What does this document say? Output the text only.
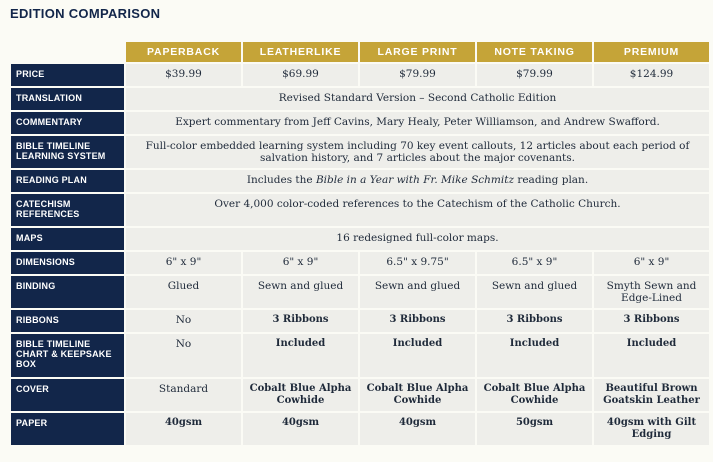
EDITION COMPARISON
	PAPERBACK	LEATHERLIKE	LARGE PRINT	NOTE TAKING	PREMIUM
PRICE	$39.99	$69.99	$79.99	$79.99	$124.99
TRANSLATION	Revised Standard Version – Second Catholic Edition				
COMMENTARY	Expert commentary from Jeff Cavins, Mary Healy, Peter Williamson, and Andrew Swafford.				
BIBLE TIMELINE LEARNING SYSTEM	Full-color embedded learning system including 70 key event callouts, 12 articles about each period of salvation history, and 7 articles about the major covenants.				
READING PLAN	Includes the Bible in a Year with Fr. Mike Schmitz reading plan.				
CATECHISM REFERENCES	Over 4,000 color-coded references to the Catechism of the Catholic Church.				
MAPS	16 redesigned full-color maps.				
DIMENSIONS	6" x 9"	6" x 9"	6.5" x 9.75"	6.5" x 9"	6" x 9"
BINDING	Glued	Sewn and glued	Sewn and glued	Sewn and glued	Smyth Sewn and Edge-Lined
RIBBONS	No	3 Ribbons	3 Ribbons	3 Ribbons	3 Ribbons
BIBLE TIMELINE CHART & KEEPSAKE BOX	No	Included	Included	Included	Included
COVER	Standard	Cobalt Blue Alpha Cowhide	Cobalt Blue Alpha Cowhide	Cobalt Blue Alpha Cowhide	Beautiful Brown Goatskin Leather
PAPER	40gsm	40gsm	40gsm	50gsm	40gsm with Gilt Edging
